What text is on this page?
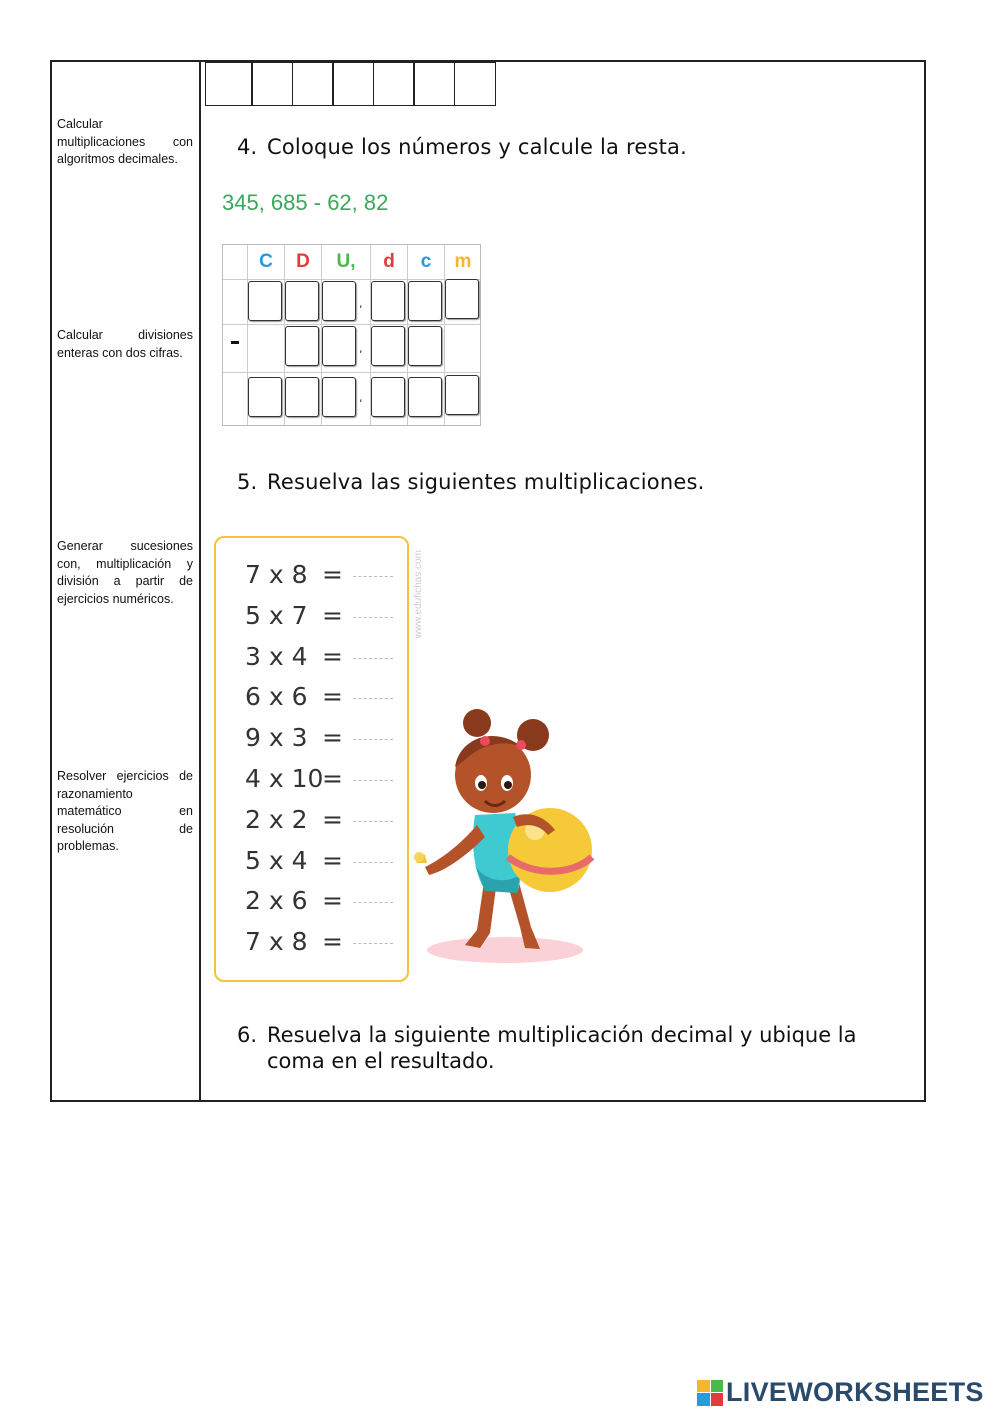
Calcular multiplicaciones con algoritmos decimales.
Calcular divisiones enteras con dos cifras.
Generar sucesiones con, multiplicación y división a partir de ejercicios numéricos.
Resolver ejercicios de razonamiento matemático en resolución de problemas.
4. Coloque los números y calcule la resta.
345, 685 - 62, 82
C	D	U,	d	c	m
,
,
,
5. Resuelva las siguientes multiplicaciones.
www.edufichas.com
7 x 8 =
5 x 7 =
3 x 4 =
6 x 6 =
9 x 3 =
4 x 10
=
2 x 2 =
5 x 4 =
2 x 6 =
7 x 8 =
6. Resuelva la siguiente multiplicación decimal y ubique la coma en el resultado.
LIVEWORKSHEETS
